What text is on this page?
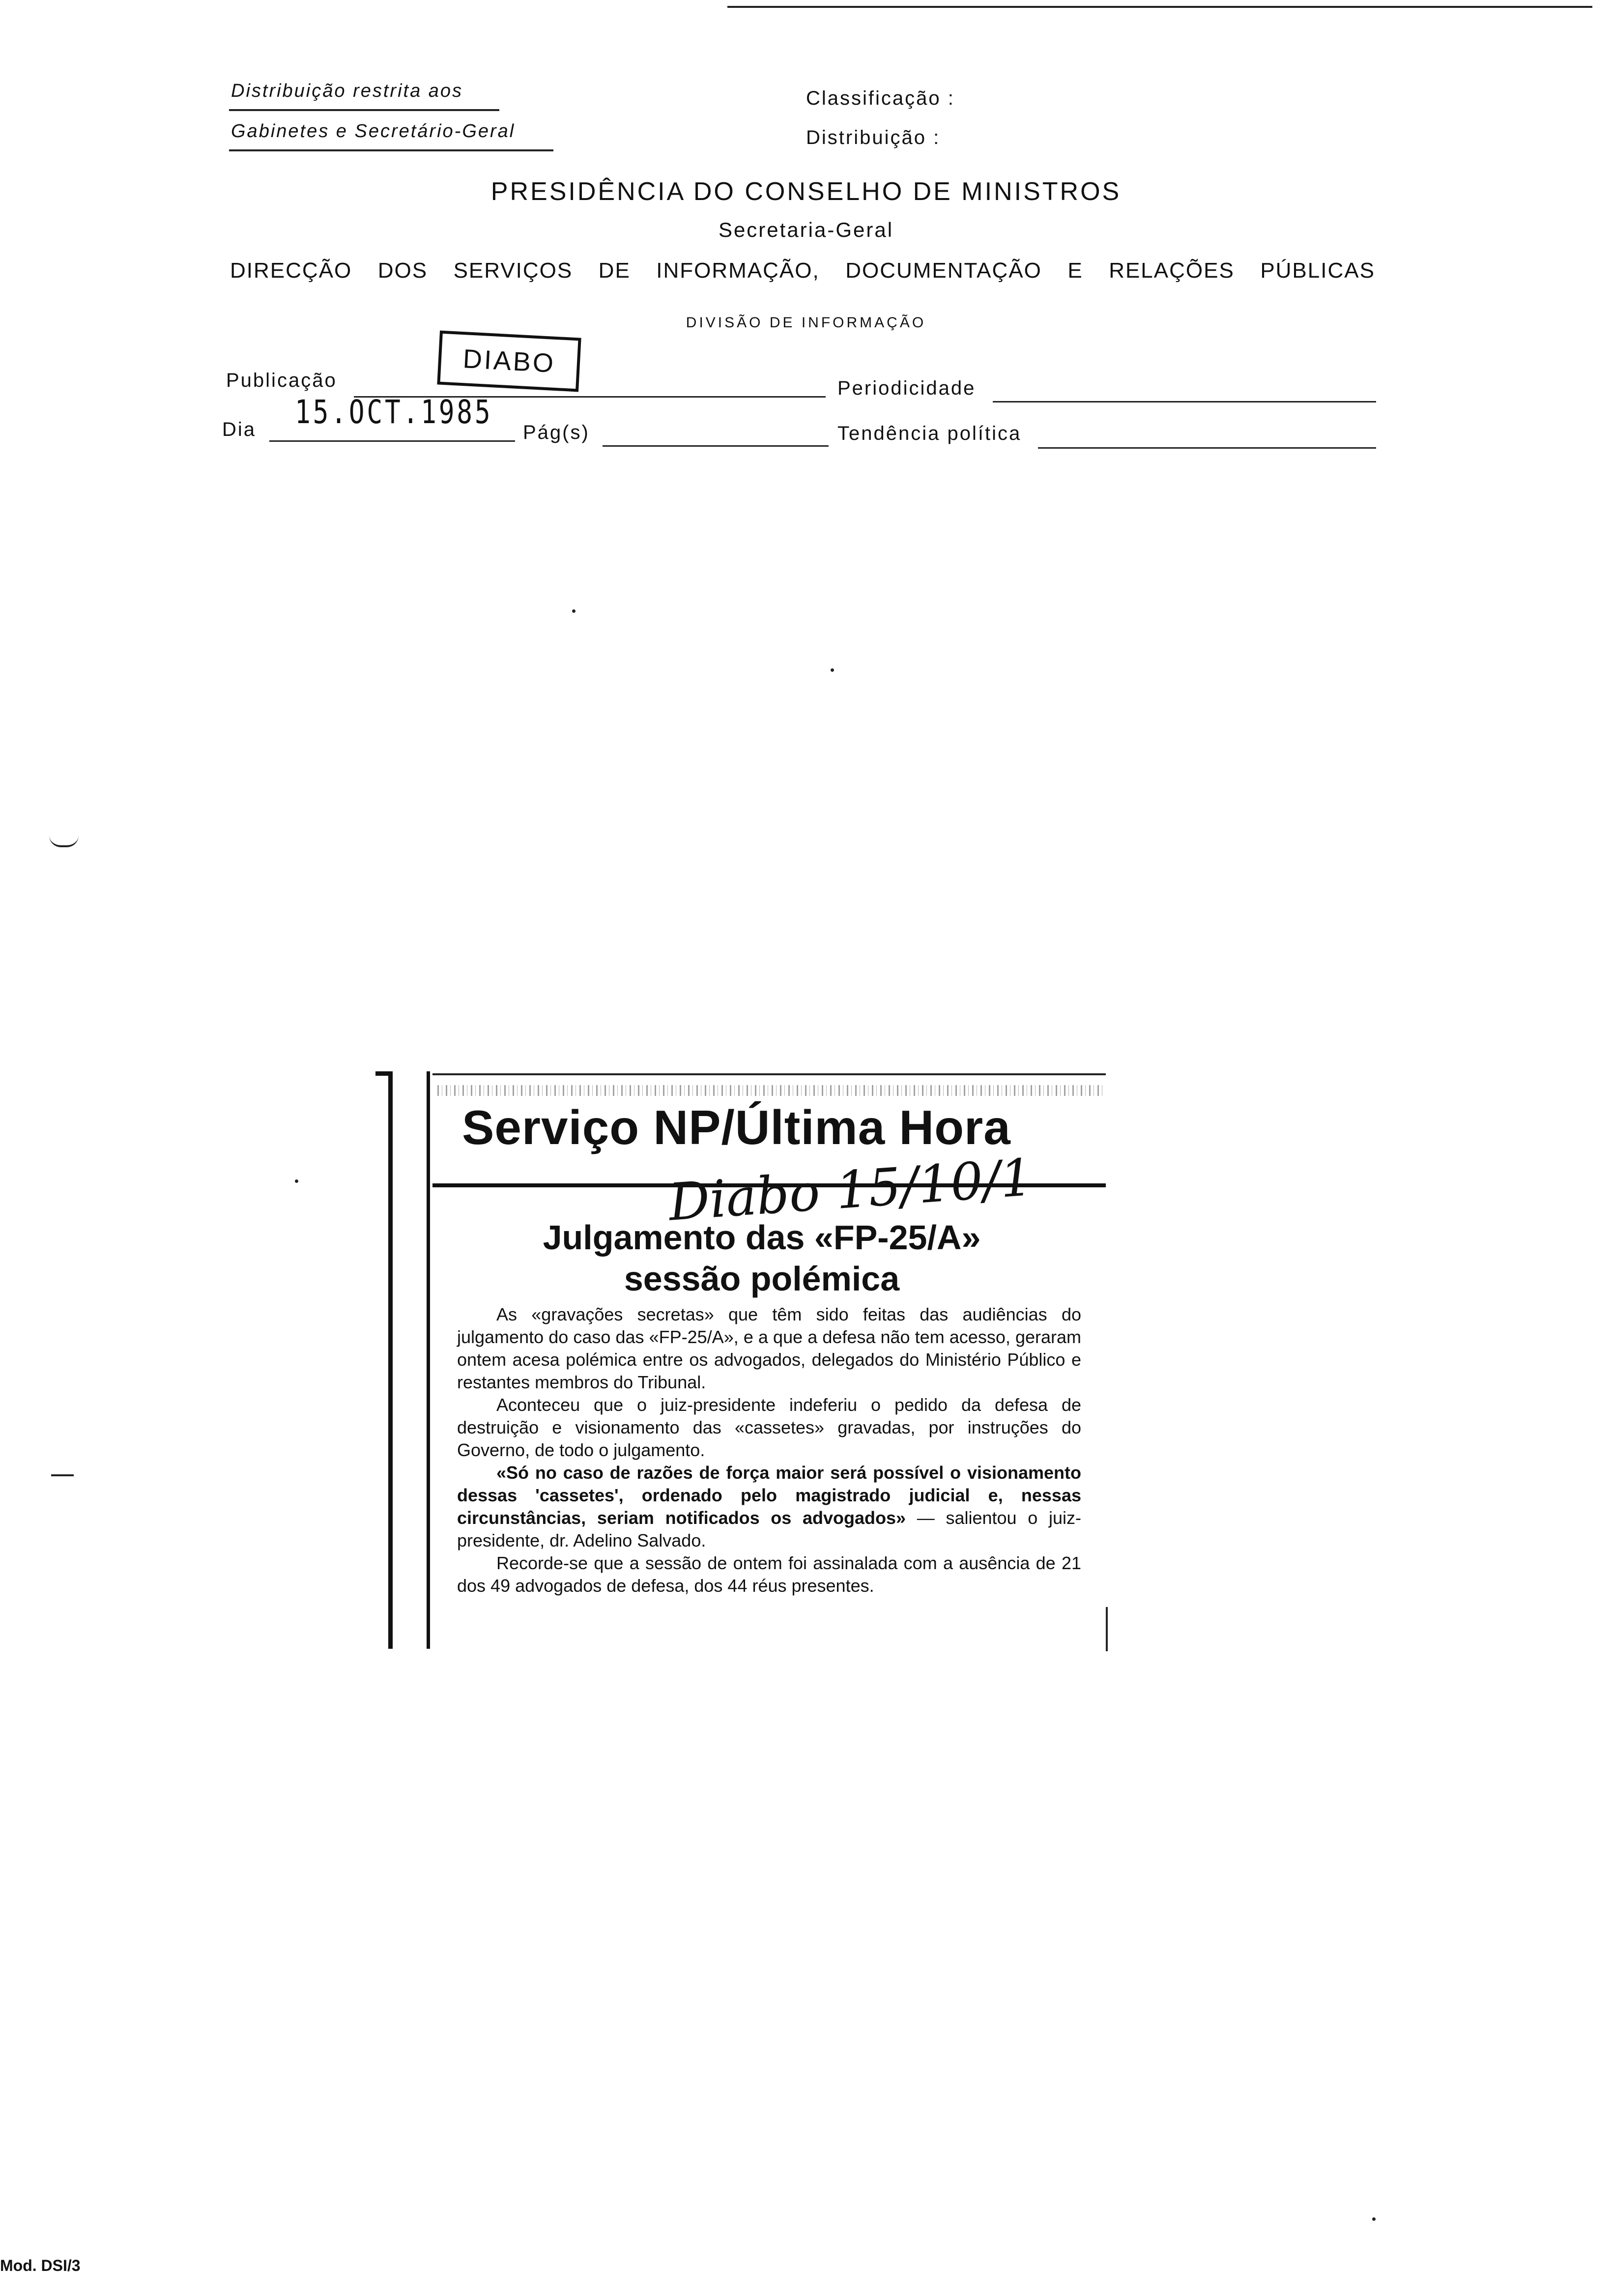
Distribuição restrita aos
Gabinetes e Secretário-Geral
Classificação :
Distribuição :
PRESIDÊNCIA DO CONSELHO DE MINISTROS
Secretaria-Geral
DIRECÇÃO DOS SERVIÇOS DE INFORMAÇÃO, DOCUMENTAÇÃO E RELAÇÕES PÚBLICAS
DIVISÃO DE INFORMAÇÃO
DIABO
Publicação	Periodicidade
Dia 15.OCT.1985
Pág(s)	Tendência política
Serviço NP/Última Hora
Diabo 15/10/1
Julgamento das «FP-25/A»
sessão polémica

As «gravações secretas» que têm sido feitas das audiências do julgamento do caso das «FP-25/A», e a que a defesa não tem acesso, geraram ontem acesa polémica entre os advogados, delegados do Ministério Público e restantes membros do Tribunal.

Aconteceu que o juiz-presidente indeferiu o pedido da defesa de destruição e visionamento das «cassetes» gravadas, por instruções do Governo, de todo o julgamento.

«Só no caso de razões de força maior será possível o visionamento dessas 'cassetes', ordenado pelo magistrado judicial e, nessas circunstâncias, seriam notificados os advogados» — salientou o juiz-presidente, dr. Adelino Salvado.

Recorde-se que a sessão de ontem foi assinalada com a ausência de 21 dos 49 advogados de defesa, dos 44 réus presentes.

Mod. DSI/3
